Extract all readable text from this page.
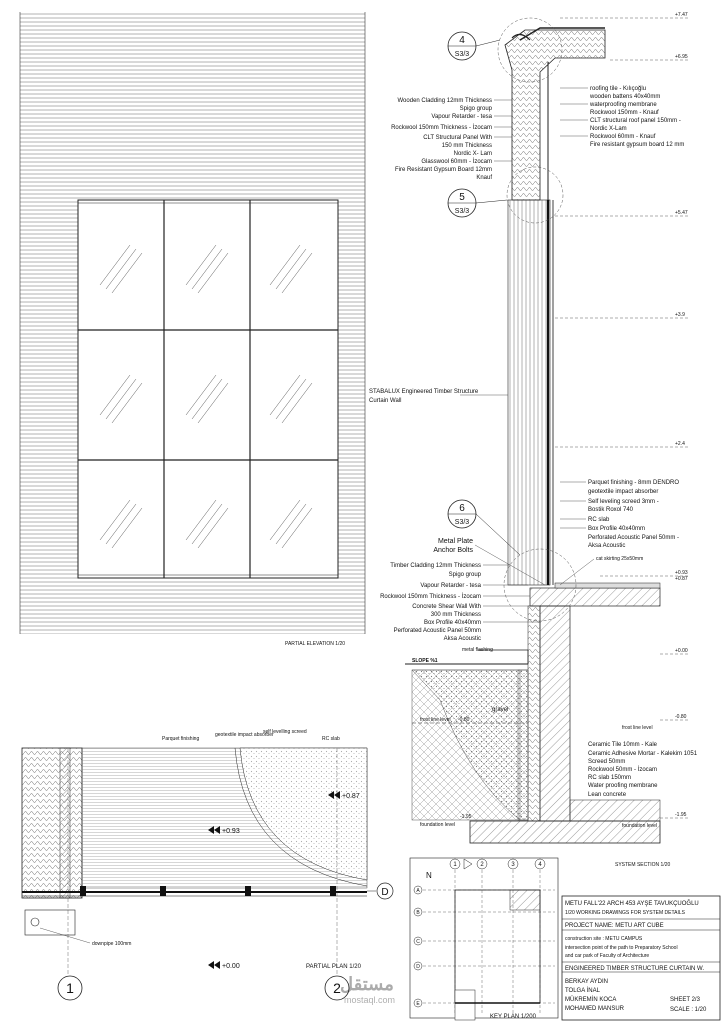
PARTIAL ELEVATION 1/20
+7.47
+6.95
+5.47
+3.9
+2.4
+0.93
+0.87
+0.00
-0.80
-1.95
4
S3/3
5
S3/3
6
S3/3
Wooden Cladding 12mm Thickness
Spigo group
Vapour Retarder - tesa
Rockwool 150mm Thickness - İzocam
CLT Structural Panel With
150 mm Thickness
Nordic X- Lam
Glasswool 60mm - İzocam
Fire Resistant Gypsum Board 12mm
Knauf
roofing tile - Kılıçoğlu
wooden battens 40x40mm
waterproofing membrane
Rockwool 150mm - Knauf
CLT structural roof panel 150mm -
Nordic X-Lam
Rockwool 60mm - Knauf
Fire resistant gypsum board 12 mm
STABALUX Engineered Timber Structure
Curtain Wall
Parquet finishing - 8mm DENDRO
geotextile impact absorber
Self leveling screed 3mm -
Bostik Roxol 740
RC slab
Box Profile 40x40mm
Perforated Acoustic Panel 50mm -
Aksa Acoustic
cat skirting 25x50mm
Metal Plate
Anchor Bolts
Timber Cladding 12mm Thickness
Spigo group
Vapour Retarder - tesa
Rockwool 150mm Thickness - İzocam
Concrete Shear Wall With
300 mm Thickness
Box Profile 40x40mm
Perforated Acoustic Panel 50mm
Aksa Acoustic
metal flashing
SLOPE %1
gravel
frost line level -0.80
foundation level
-1.95
frost line level
foundation level
Ceramic Tile 10mm - Kale
Ceramic Adhesive Mortar - Kalekim 1051
Screed 50mm
Rockwool 50mm - İzocam
RC slab 150mm
Water proofing membrane
Lean concrete
SYSTEM SECTION 1/20
Parquet finishing
geotextile impact absorber
self levelling screed
RC slab
+0.87
+0.93
+0.00
downpipe 100mm
PARTIAL PLAN 1/20
D
1	2
N
1	2	3	4
A
B
C
D
E
KEY PLAN 1/200
METU FALL'22 ARCH 453 AYŞE TAVUKÇUOĞLU
1/20 WORKING DRAWINGS FOR SYSTEM DETAILS
PROJECT NAME: METU ART CUBE
construction site : METU CAMPUS
intersection point of the path to Preparatory School
and car park of Faculty of Architecture
ENGINEERED TIMBER STRUCTURE CURTAIN W.
BERKAY AYDIN
TOLGA İNAL
MÜKREMİN KOCA
MOHAMED MANSUR
SHEET 2/3
SCALE : 1/20
مستقل
mostaql.com
